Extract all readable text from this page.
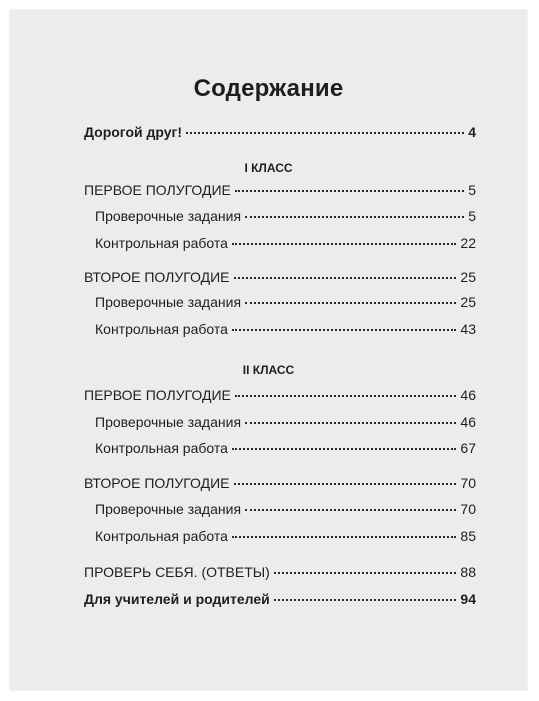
Содержание
Дорогой друг!	4
I КЛАСС
ПЕРВОЕ ПОЛУГОДИЕ	5
Проверочные задания	5
Контрольная работа	22
ВТОРОЕ ПОЛУГОДИЕ	25
Проверочные задания	25
Контрольная работа	43
II КЛАСС
ПЕРВОЕ ПОЛУГОДИЕ	46
Проверочные задания	46
Контрольная работа	67
ВТОРОЕ ПОЛУГОДИЕ	70
Проверочные задания	70
Контрольная работа	85
ПРОВЕРЬ СЕБЯ. (ОТВЕТЫ)	88
Для учителей и родителей	94
